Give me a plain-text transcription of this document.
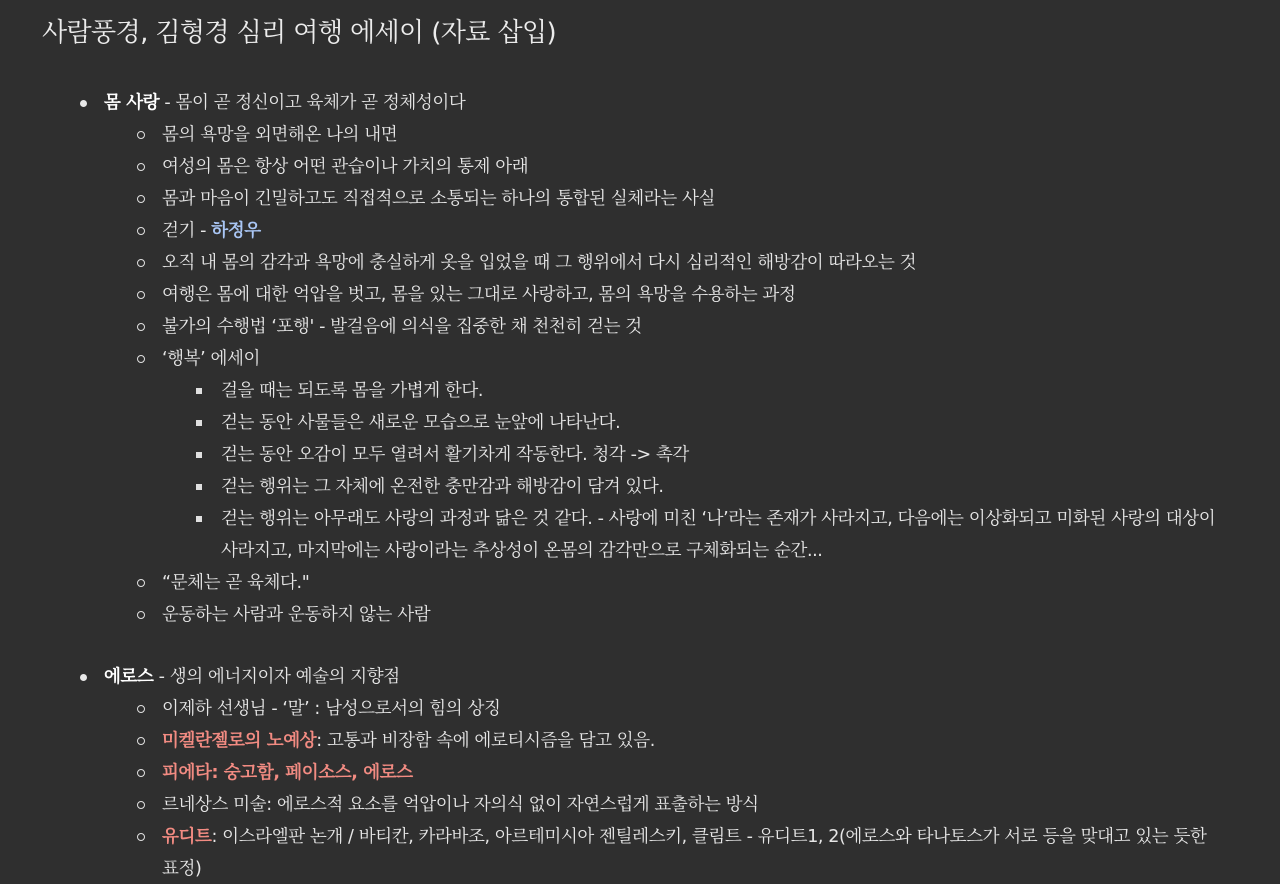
사람풍경, 김형경 심리 여행 에세이 (자료 삽입)
몸 사랑 - 몸이 곧 정신이고 육체가 곧 정체성이다
몸의 욕망을 외면해온 나의 내면
여성의 몸은 항상 어떤 관습이나 가치의 통제 아래
몸과 마음이 긴밀하고도 직접적으로 소통되는 하나의 통합된 실체라는 사실
걷기 - 하정우
오직 내 몸의 감각과 욕망에 충실하게 옷을 입었을 때 그 행위에서 다시 심리적인 해방감이 따라오는 것
여행은 몸에 대한 억압을 벗고, 몸을 있는 그대로 사랑하고, 몸의 욕망을 수용하는 과정
불가의 수행법 ‘포행' - 발걸음에 의식을 집중한 채 천천히 걷는 것
‘행복’ 에세이
걸을 때는 되도록 몸을 가볍게 한다.
걷는 동안 사물들은 새로운 모습으로 눈앞에 나타난다.
걷는 동안 오감이 모두 열려서 활기차게 작동한다. 청각 -> 촉각
걷는 행위는 그 자체에 온전한 충만감과 해방감이 담겨 있다.
걷는 행위는 아무래도 사랑의 과정과 닮은 것 같다. - 사랑에 미친 ‘나’라는 존재가 사라지고, 다음에는 이상화되고 미화된 사랑의 대상이 사라지고, 마지막에는 사랑이라는 추상성이 온몸의 감각만으로 구체화되는 순간...
“문체는 곧 육체다."
운동하는 사람과 운동하지 않는 사람
에로스 - 생의 에너지이자 예술의 지향점
이제하 선생님 - ‘말’ : 남성으로서의 힘의 상징
미켈란젤로의 노예상: 고통과 비장함 속에 에로티시즘을 담고 있음.
피에타: 숭고함, 페이소스, 에로스
르네상스 미술: 에로스적 요소를 억압이나 자의식 없이 자연스럽게 표출하는 방식
유디트: 이스라엘판 논개 / 바티칸, 카라바조, 아르테미시아 젠틸레스키, 클림트 - 유디트1, 2(에로스와 타나토스가 서로 등을 맞대고 있는 듯한 표정)
